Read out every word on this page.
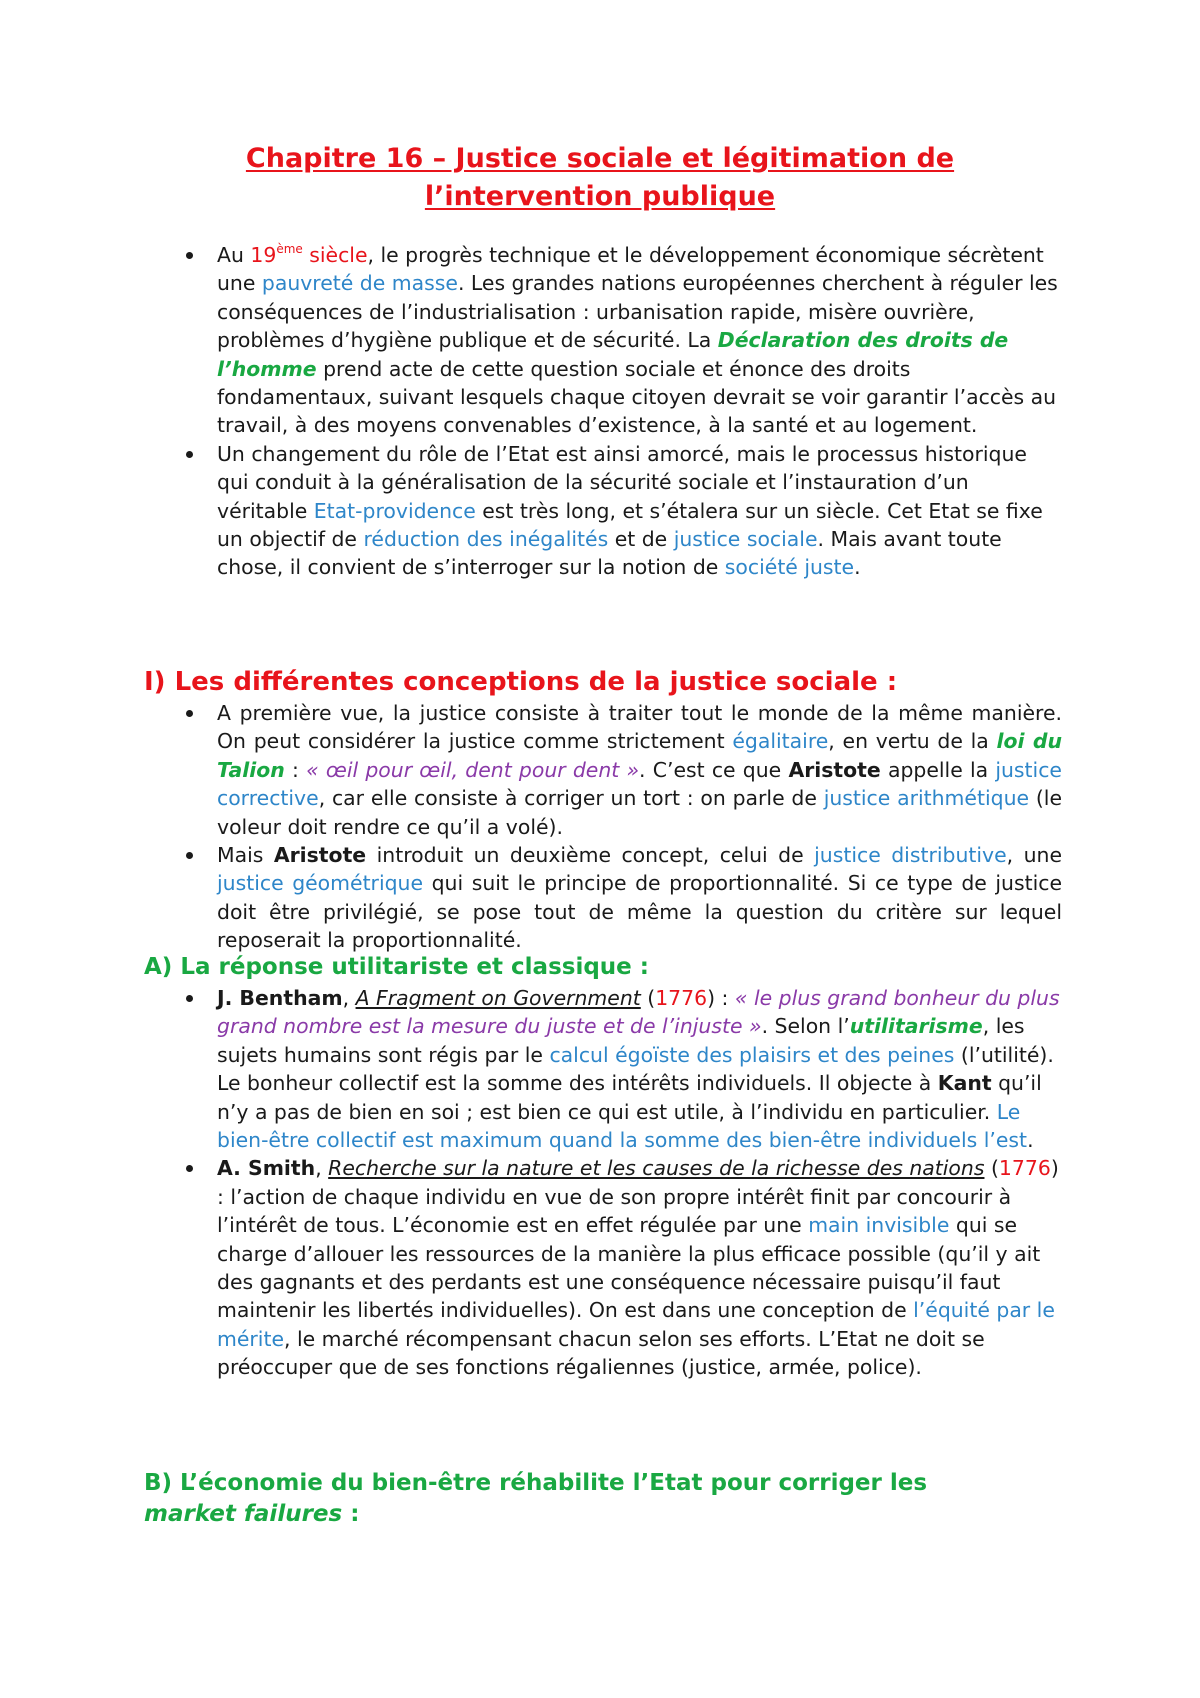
Chapitre 16 – Justice sociale et légitimation de
l’intervention publique
Au 19ème siècle, le progrès technique et le développement économique sécrètent une pauvreté de masse. Les grandes nations européennes cherchent à réguler les conséquences de l’industrialisation : urbanisation rapide, misère ouvrière, problèmes d’hygiène publique et de sécurité. La Déclaration des droits de l’homme prend acte de cette question sociale et énonce des droits fondamentaux, suivant lesquels chaque citoyen devrait se voir garantir l’accès au travail, à des moyens convenables d’existence, à la santé et au logement.
Un changement du rôle de l’Etat est ainsi amorcé, mais le processus historique qui conduit à la généralisation de la sécurité sociale et l’instauration d’un véritable Etat-providence est très long, et s’étalera sur un siècle. Cet Etat se fixe un objectif de réduction des inégalités et de justice sociale. Mais avant toute chose, il convient de s’interroger sur la notion de société juste.
I) Les différentes conceptions de la justice sociale :
A première vue, la justice consiste à traiter tout le monde de la même manière. On peut considérer la justice comme strictement égalitaire, en vertu de la loi du Talion : « œil pour œil, dent pour dent ». C’est ce que Aristote appelle la justice corrective, car elle consiste à corriger un tort : on parle de justice arithmétique (le voleur doit rendre ce qu’il a volé).
Mais Aristote introduit un deuxième concept, celui de justice distributive, une justice géométrique qui suit le principe de proportionnalité. Si ce type de justice doit être privilégié, se pose tout de même la question du critère sur lequel reposerait la proportionnalité.
A) La réponse utilitariste et classique :
J. Bentham, A Fragment on Government (1776) : « le plus grand bonheur du plus grand nombre est la mesure du juste et de l’injuste ». Selon l’utilitarisme, les sujets humains sont régis par le calcul égoïste des plaisirs et des peines (l’utilité). Le bonheur collectif est la somme des intérêts individuels. Il objecte à Kant qu’il n’y a pas de bien en soi ; est bien ce qui est utile, à l’individu en particulier. Le bien-être collectif est maximum quand la somme des bien-être individuels l’est.
A. Smith, Recherche sur la nature et les causes de la richesse des nations (1776) : l’action de chaque individu en vue de son propre intérêt finit par concourir à l’intérêt de tous. L’économie est en effet régulée par une main invisible qui se charge d’allouer les ressources de la manière la plus efficace possible (qu’il y ait des gagnants et des perdants est une conséquence nécessaire puisqu’il faut maintenir les libertés individuelles). On est dans une conception de l’équité par le mérite, le marché récompensant chacun selon ses efforts. L’Etat ne doit se préoccuper que de ses fonctions régaliennes (justice, armée, police).
B) L’économie du bien-être réhabilite l’Etat pour corriger les
market failures :
